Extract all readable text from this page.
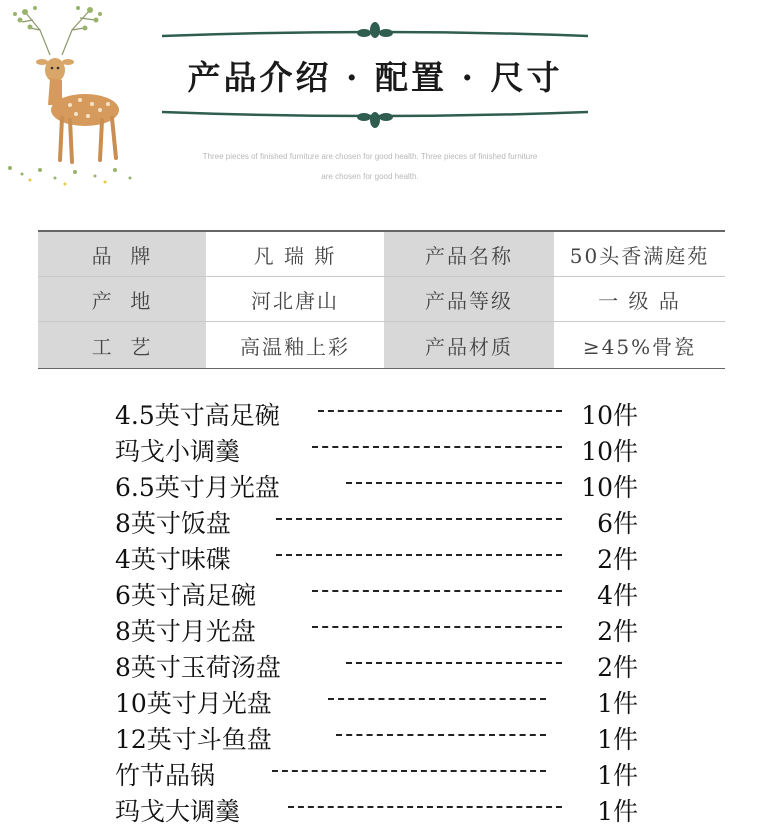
产品介绍 · 配置 · 尺寸
Three pieces of finished furniture are chosen for good health. Three pieces of finished furniture
are chosen for good health.
品  牌	凡 瑞 斯	产品名称	50头香满庭苑
产  地	河北唐山	产品等级	一 级 品
工  艺	高温釉上彩	产品材质	≥45%骨瓷
4.5英寸高足碗	10件
玛戈小调羹	10件
6.5英寸月光盘	10件
8英寸饭盘	6件
4英寸味碟	2件
6英寸高足碗	4件
8英寸月光盘	2件
8英寸玉荷汤盘	2件
10英寸月光盘	1件
12英寸斗鱼盘	1件
竹节品锅	1件
玛戈大调羹	1件
